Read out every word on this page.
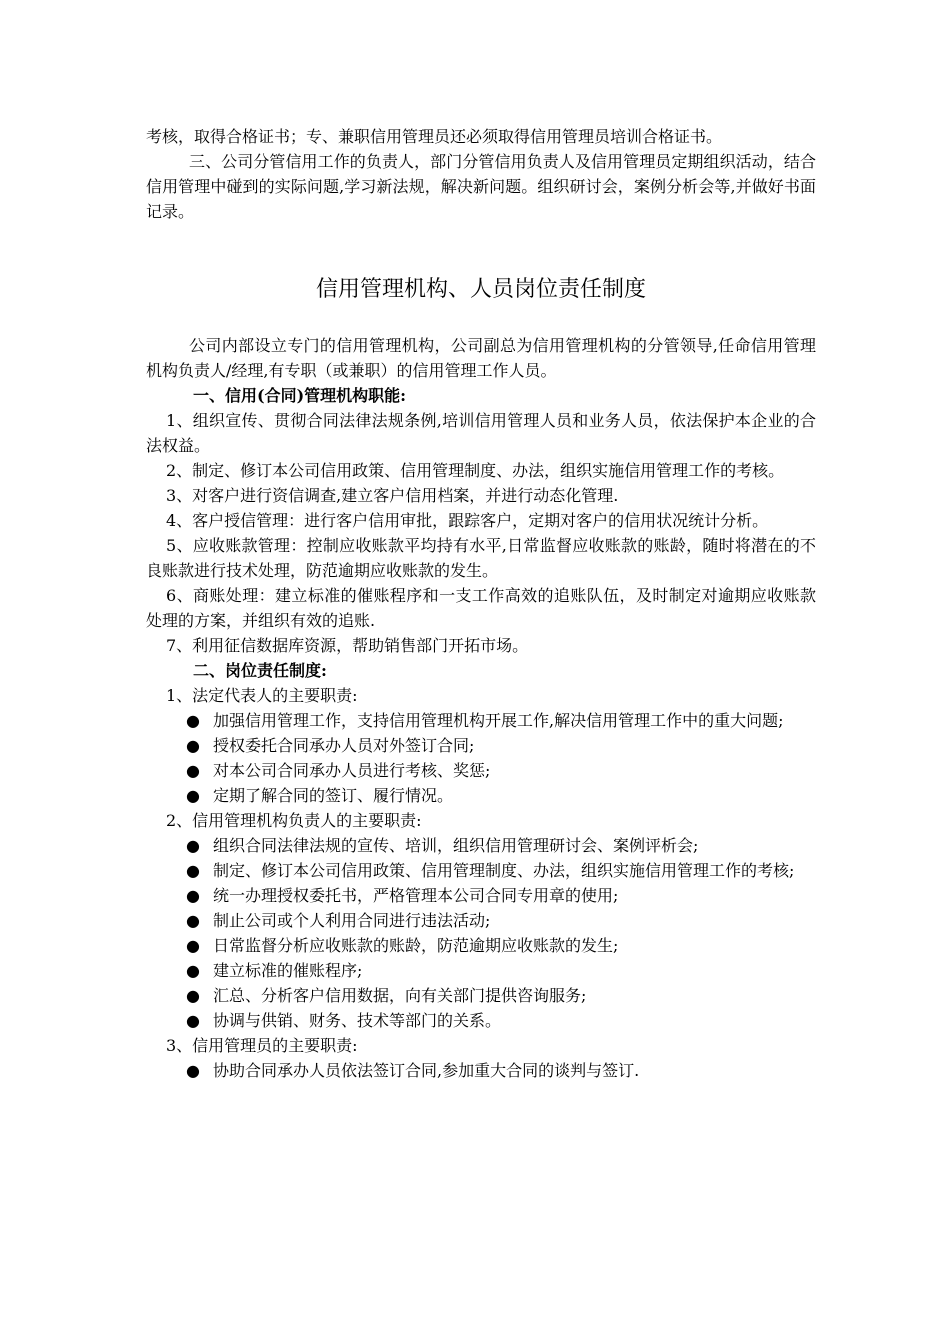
考核，取得合格证书；专、兼职信用管理员还必须取得信用管理员培训合格证书。

三、公司分管信用工作的负责人，部门分管信用负责人及信用管理员定期组织活动，结合信用管理中碰到的实际问题,学习新法规，解决新问题。组织研讨会，案例分析会等,并做好书面记录。

信用管理机构、人员岗位责任制度

公司内部设立专门的信用管理机构，公司副总为信用管理机构的分管领导,任命信用管理机构负责人/经理,有专职（或兼职）的信用管理工作人员。

一、信用(合同)管理机构职能:

1、组织宣传、贯彻合同法律法规条例,培训信用管理人员和业务人员，依法保护本企业的合法权益。

2、制定、修订本公司信用政策、信用管理制度、办法，组织实施信用管理工作的考核。

3、对客户进行资信调查,建立客户信用档案，并进行动态化管理.

4、客户授信管理：进行客户信用审批，跟踪客户，定期对客户的信用状况统计分析。

5、应收账款管理：控制应收账款平均持有水平,日常监督应收账款的账龄，随时将潜在的不良账款进行技术处理，防范逾期应收账款的发生。

6、商账处理：建立标准的催账程序和一支工作高效的追账队伍，及时制定对逾期应收账款处理的方案，并组织有效的追账.

7、利用征信数据库资源，帮助销售部门开拓市场。

二、岗位责任制度:

1、法定代表人的主要职责:

● 加强信用管理工作，支持信用管理机构开展工作,解决信用管理工作中的重大问题;

● 授权委托合同承办人员对外签订合同;

● 对本公司合同承办人员进行考核、奖惩;

● 定期了解合同的签订、履行情况。

2、信用管理机构负责人的主要职责:

● 组织合同法律法规的宣传、培训，组织信用管理研讨会、案例评析会;

● 制定、修订本公司信用政策、信用管理制度、办法，组织实施信用管理工作的考核;

● 统一办理授权委托书，严格管理本公司合同专用章的使用;

● 制止公司或个人利用合同进行违法活动;

● 日常监督分析应收账款的账龄，防范逾期应收账款的发生;

● 建立标准的催账程序;

● 汇总、分析客户信用数据，向有关部门提供咨询服务;

● 协调与供销、财务、技术等部门的关系。

3、信用管理员的主要职责:

● 协助合同承办人员依法签订合同,参加重大合同的谈判与签订.
